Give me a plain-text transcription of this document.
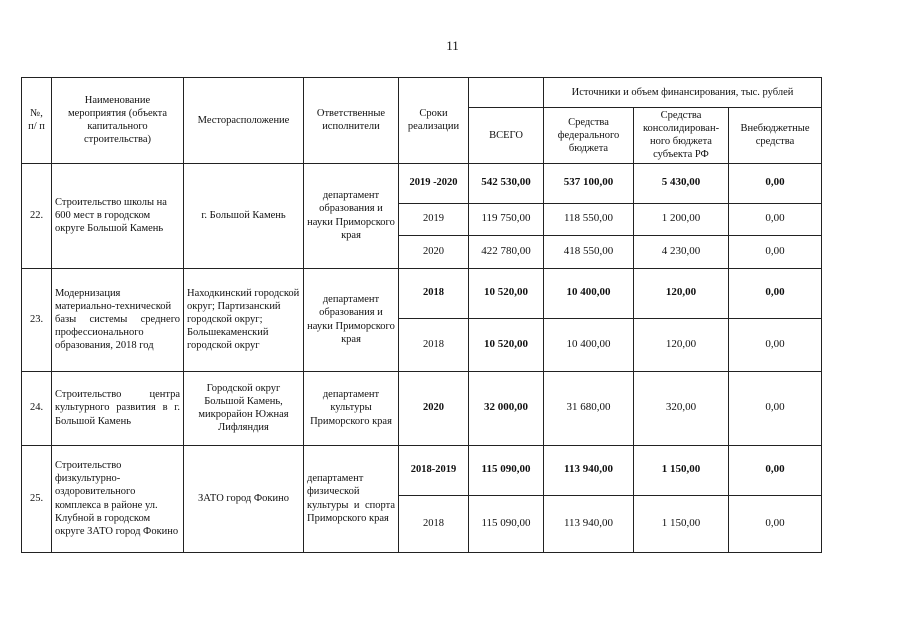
11
№, п/ п	Наименование мероприятия (объекта капитального строительства)	Месторасположение	Ответственные исполнители	Сроки реализации		Источники и объем финансирования, тыс. рублей		
					ВСЕГО	Средства федерального бюджета	Средства консолидирован-ного бюджета субъекта РФ	Внебюджетные средства
22.	Строительство школы на 600 мест в городском округе Большой Камень	г. Большой Камень	департамент образования и науки Приморского края	2019 -2020	542 530,00	537 100,00	5 430,00	0,00
				2019	119 750,00	118 550,00	1 200,00	0,00
				2020	422 780,00	418 550,00	4 230,00	0,00
23.	Модернизация материально-технической базы системы среднего профессионального образования, 2018 год	Находкинский городской округ; Партизанский городской округ; Большекаменский городской округ	департамент образования и науки Приморского края	2018	10 520,00	10 400,00	120,00	0,00
				2018	10 520,00	10 400,00	120,00	0,00
24.	Строительство центра культурного развития в г. Большой Камень	Городской округ Большой Камень, микрорайон Южная Лифляндия	департамент культуры Приморского края	2020	32 000,00	31 680,00	320,00	0,00
25.	Строительство физкультурно-оздоровительного комплекса в районе ул. Клубной в городском округе ЗАТО город Фокино	ЗАТО город Фокино	департамент физической культуры и спорта Приморского края	2018-2019	115 090,00	113 940,00	1 150,00	0,00
				2018	115 090,00	113 940,00	1 150,00	0,00
